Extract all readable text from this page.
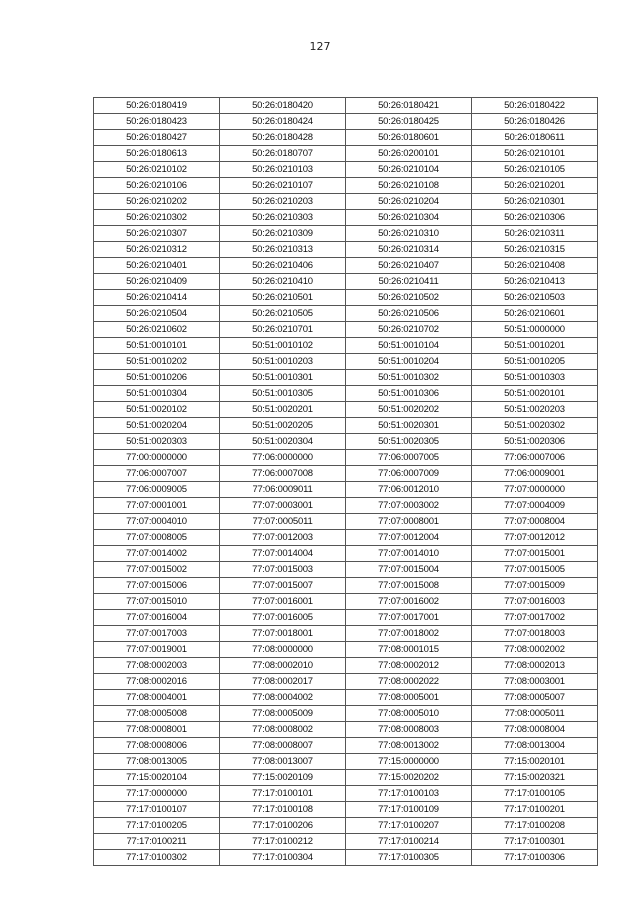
127
50:26:0180419	50:26:0180420	50:26:0180421	50:26:0180422
50:26:0180423	50:26:0180424	50:26:0180425	50:26:0180426
50:26:0180427	50:26:0180428	50:26:0180601	50:26:0180611
50:26:0180613	50:26:0180707	50:26:0200101	50:26:0210101
50:26:0210102	50:26:0210103	50:26:0210104	50:26:0210105
50:26:0210106	50:26:0210107	50:26:0210108	50:26:0210201
50:26:0210202	50:26:0210203	50:26:0210204	50:26:0210301
50:26:0210302	50:26:0210303	50:26:0210304	50:26:0210306
50:26:0210307	50:26:0210309	50:26:0210310	50:26:0210311
50:26:0210312	50:26:0210313	50:26:0210314	50:26:0210315
50:26:0210401	50:26:0210406	50:26:0210407	50:26:0210408
50:26:0210409	50:26:0210410	50:26:0210411	50:26:0210413
50:26:0210414	50:26:0210501	50:26:0210502	50:26:0210503
50:26:0210504	50:26:0210505	50:26:0210506	50:26:0210601
50:26:0210602	50:26:0210701	50:26:0210702	50:51:0000000
50:51:0010101	50:51:0010102	50:51:0010104	50:51:0010201
50:51:0010202	50:51:0010203	50:51:0010204	50:51:0010205
50:51:0010206	50:51:0010301	50:51:0010302	50:51:0010303
50:51:0010304	50:51:0010305	50:51:0010306	50:51:0020101
50:51:0020102	50:51:0020201	50:51:0020202	50:51:0020203
50:51:0020204	50:51:0020205	50:51:0020301	50:51:0020302
50:51:0020303	50:51:0020304	50:51:0020305	50:51:0020306
77:00:0000000	77:06:0000000	77:06:0007005	77:06:0007006
77:06:0007007	77:06:0007008	77:06:0007009	77:06:0009001
77:06:0009005	77:06:0009011	77:06:0012010	77:07:0000000
77:07:0001001	77:07:0003001	77:07:0003002	77:07:0004009
77:07:0004010	77:07:0005011	77:07:0008001	77:07:0008004
77:07:0008005	77:07:0012003	77:07:0012004	77:07:0012012
77:07:0014002	77:07:0014004	77:07:0014010	77:07:0015001
77:07:0015002	77:07:0015003	77:07:0015004	77:07:0015005
77:07:0015006	77:07:0015007	77:07:0015008	77:07:0015009
77:07:0015010	77:07:0016001	77:07:0016002	77:07:0016003
77:07:0016004	77:07:0016005	77:07:0017001	77:07:0017002
77:07:0017003	77:07:0018001	77:07:0018002	77:07:0018003
77:07:0019001	77:08:0000000	77:08:0001015	77:08:0002002
77:08:0002003	77:08:0002010	77:08:0002012	77:08:0002013
77:08:0002016	77:08:0002017	77:08:0002022	77:08:0003001
77:08:0004001	77:08:0004002	77:08:0005001	77:08:0005007
77:08:0005008	77:08:0005009	77:08:0005010	77:08:0005011
77:08:0008001	77:08:0008002	77:08:0008003	77:08:0008004
77:08:0008006	77:08:0008007	77:08:0013002	77:08:0013004
77:08:0013005	77:08:0013007	77:15:0000000	77:15:0020101
77:15:0020104	77:15:0020109	77:15:0020202	77:15:0020321
77:17:0000000	77:17:0100101	77:17:0100103	77:17:0100105
77:17:0100107	77:17:0100108	77:17:0100109	77:17:0100201
77:17:0100205	77:17:0100206	77:17:0100207	77:17:0100208
77:17:0100211	77:17:0100212	77:17:0100214	77:17:0100301
77:17:0100302	77:17:0100304	77:17:0100305	77:17:0100306
